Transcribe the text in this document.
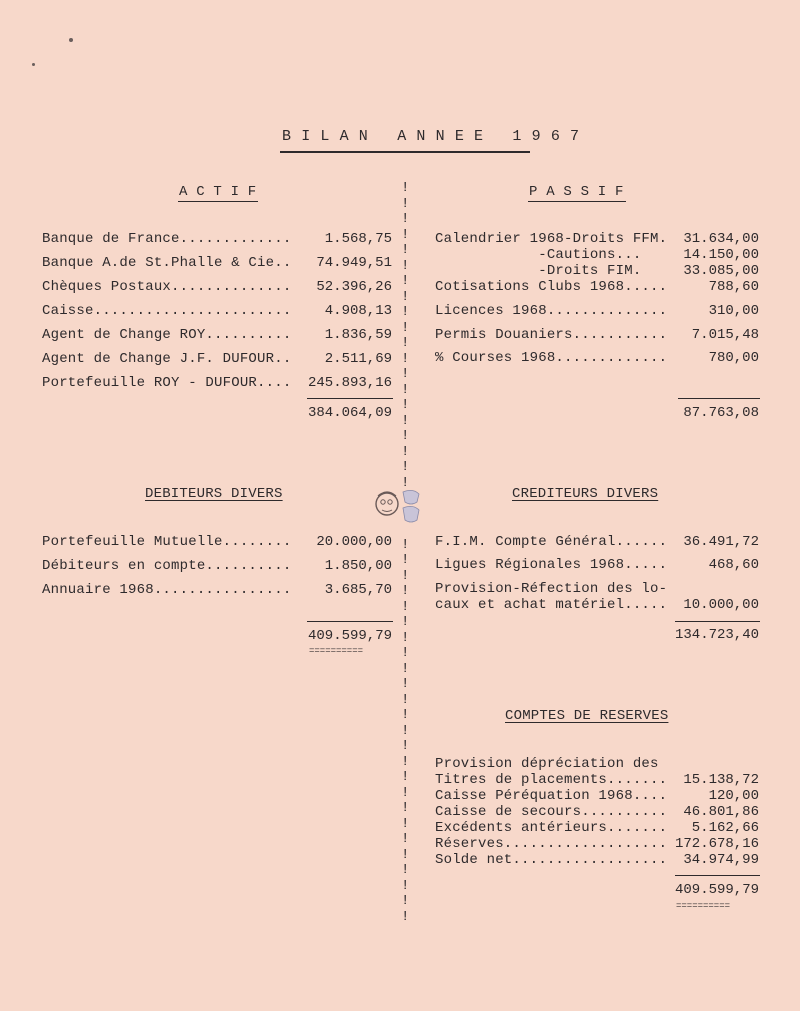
B I L A N   A N N E E   1 9 6 7
A C T I F	P A S S I F
Banque de France............. 1.568,75
Banque A.de St.Phalle & Cie.. 74.949,51
Chèques Postaux.............. 52.396,26
Caisse....................... 4.908,13
Agent de Change ROY.......... 1.836,59
Agent de Change J.F. DUFOUR.. 2.511,69
Portefeuille ROY - DUFOUR.... 245.893,16
384.064,09
Calendrier 1968-Droits FFM. 31.634,00
-Cautions...	14.150,00
-Droits FIM.	33.085,00
Cotisations Clubs 1968.....	788,60
Licences 1968..............	310,00
Permis Douaniers........... 7.015,48
% Courses 1968.............	780,00
87.763,08
DEBITEURS DIVERS
Portefeuille Mutuelle........ 20.000,00
Débiteurs en compte.......... 1.850,00
Annuaire 1968................ 3.685,70
409.599,79
==========
CREDITEURS DIVERS
F.I.M. Compte Général...... 36.491,72
Ligues Régionales 1968.....	468,60
Provision-Réfection des lo-
caux et achat matériel..... 10.000,00
134.723,40
COMPTES DE RESERVES
Provision dépréciation des
Titres de placements....... 15.138,72
Caisse Péréquation 1968....	120,00
Caisse de secours.......... 46.801,86
Excédents antérieurs....... 5.162,66
Réserves................... 172.678,16
Solde net.................. 34.974,99
409.599,79
==========
!
!
!
!
!
!
!
!
!
!
!
!
!
!
!
!
!
!
!
!
!
!
!
!
!
!
!
!
!
!
!
!
!
!
!
!
!
!
!
!
!
!
!
!
!
